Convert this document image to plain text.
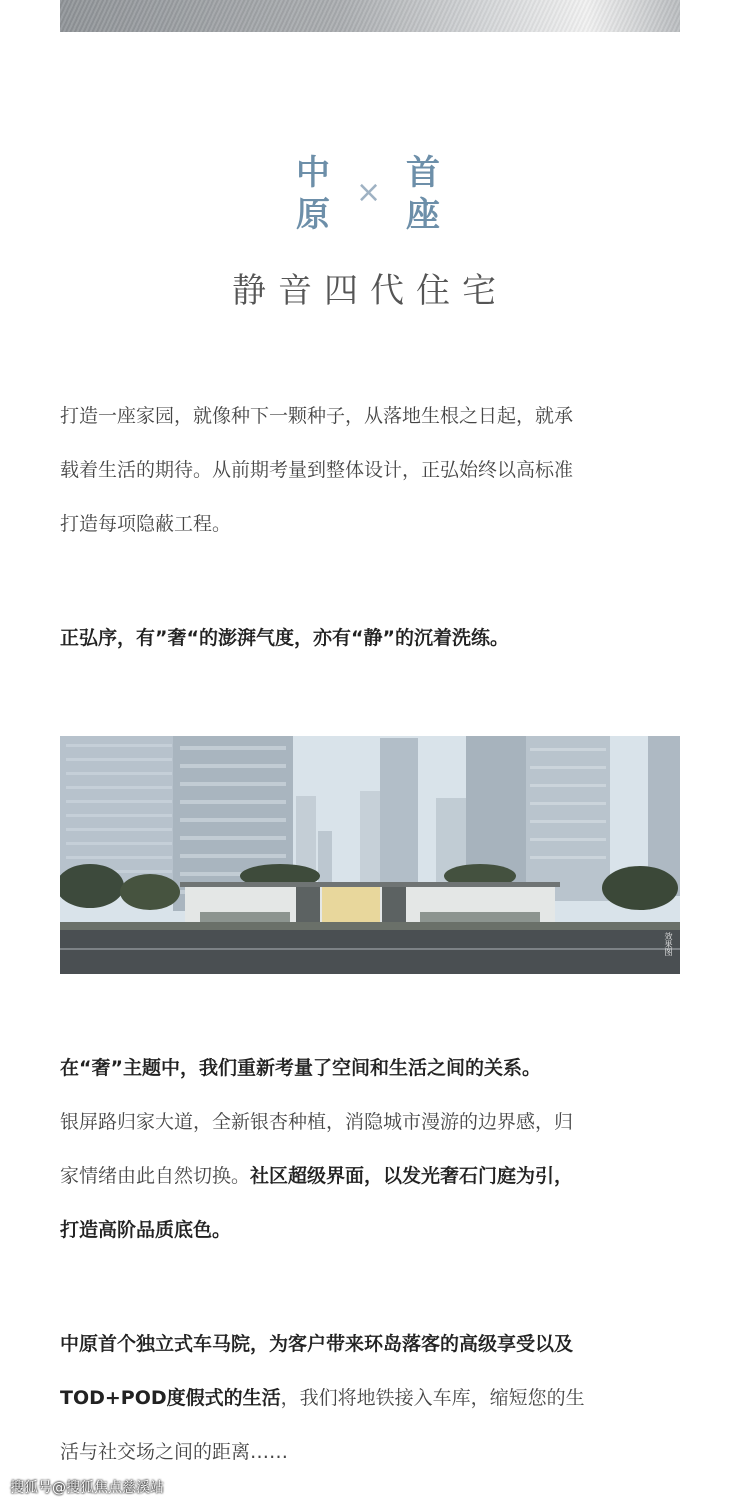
中
原
× 首
座
静音四代住宅

打造一座家园，就像种下一颗种子，从落地生根之日起，就承
载着生活的期待。从前期考量到整体设计，正弘始终以高标准
打造每项隐蔽工程。

正弘序，有”奢“的澎湃气度，亦有“静”的沉着洗练。

效果图

在“奢”主题中，我们重新考量了空间和生活之间的关系。
银屏路归家大道，全新银杏种植，消隐城市漫游的边界感，归
家情绪由此自然切换。社区超级界面，以发光奢石门庭为引，
打造高阶品质底色。

中原首个独立式车马院，为客户带来环岛落客的高级享受以及
TOD+POD度假式的生活，我们将地铁接入车库，缩短您的生
活与社交场之间的距离……

搜狐号@搜狐焦点慈溪站
